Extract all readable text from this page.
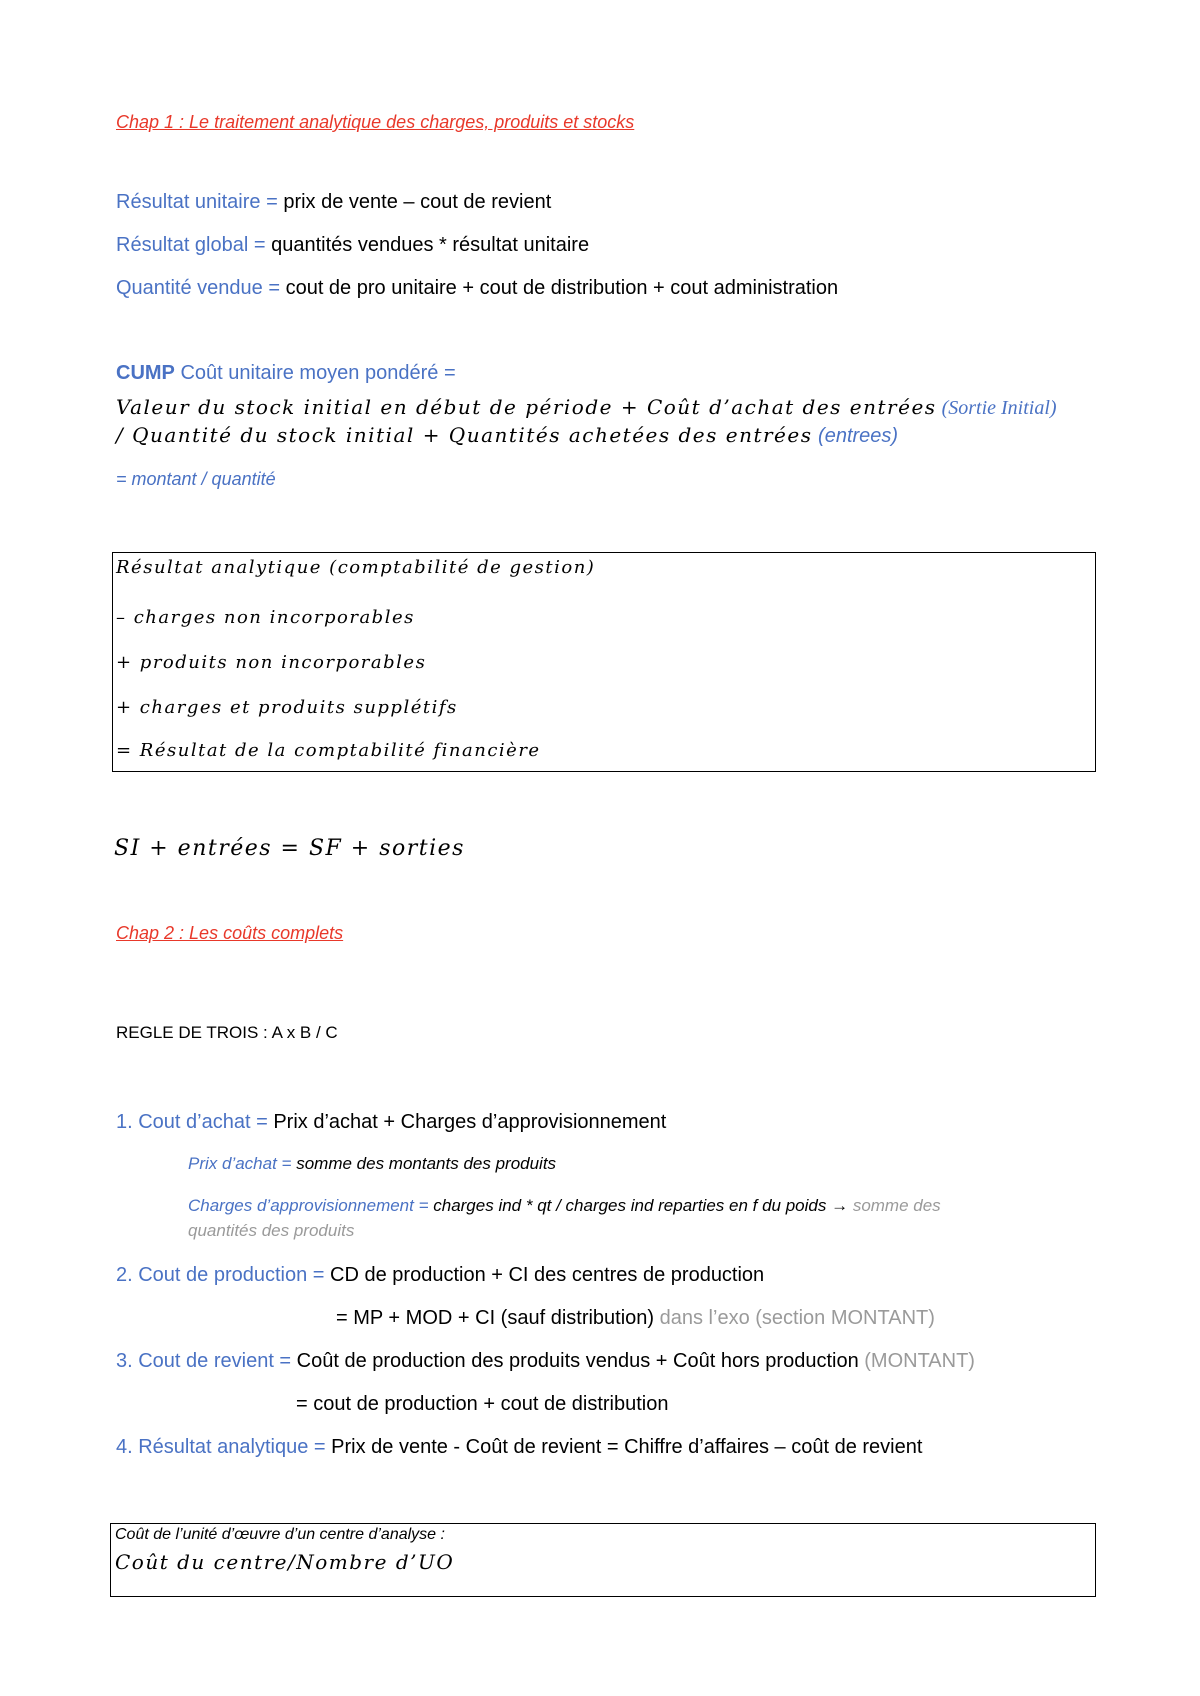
Chap 1 : Le traitement analytique des charges, produits et stocks
Résultat unitaire = prix de vente – cout de revient
Résultat global = quantités vendues * résultat unitaire
Quantité vendue = cout de pro unitaire + cout de distribution + cout administration
CUMP Coût unitaire moyen pondéré =
Valeur du stock initial en début de période + Coût d’achat des entrées (Sortie Initial)
/ Quantité du stock initial + Quantités achetées des entrées (entrees)
= montant / quantité
Résultat analytique (comptabilité de gestion)
– charges non incorporables
+ produits non incorporables
+ charges et produits supplétifs
= Résultat de la comptabilité financière
SI + entrées = SF + sorties
Chap 2 : Les coûts complets
REGLE DE TROIS : A x B / C
1. Cout d’achat = Prix d’achat + Charges d’approvisionnement
Prix d’achat = somme des montants des produits
Charges d’approvisionnement = charges ind * qt / charges ind reparties en f du poids → somme des
quantités des produits
2. Cout de production = CD de production + CI des centres de production
= MP + MOD + CI (sauf distribution) dans l’exo (section MONTANT)
3. Cout de revient = Coût de production des produits vendus + Coût hors production (MONTANT)
= cout de production + cout de distribution
4. Résultat analytique = Prix de vente - Coût de revient = Chiffre d’affaires – coût de revient
Coût de l’unité d’œuvre d’un centre d’analyse :
Coût du centre/Nombre d’UO
